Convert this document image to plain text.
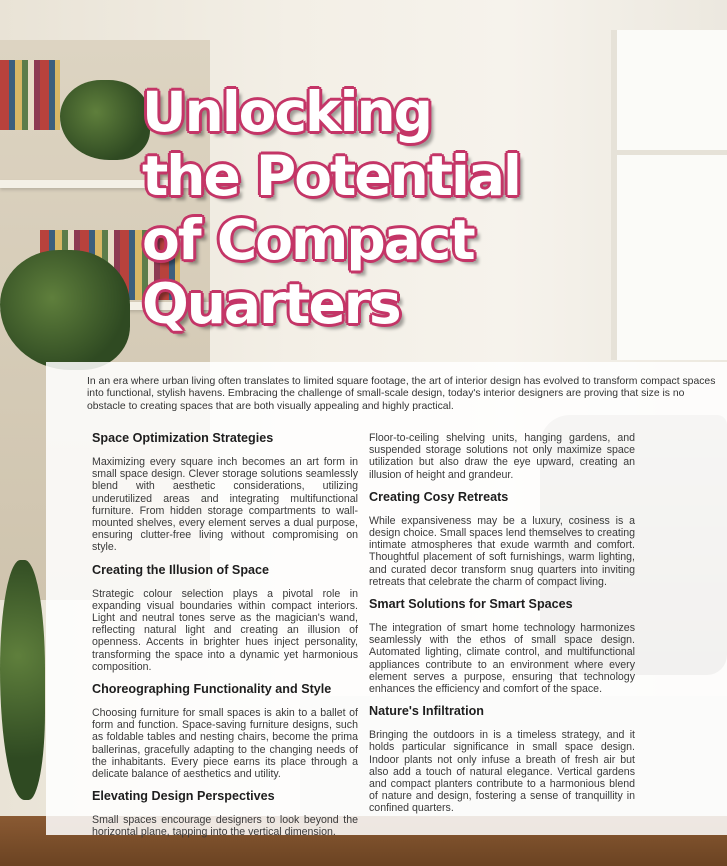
Unlocking
the Potential
of Compact
Quarters

In an era where urban living often translates to limited square footage, the art of interior design has evolved to transform compact spaces into functional, stylish havens. Embracing the challenge of small-scale design, today's interior designers are proving that size is no obstacle to creating spaces that are both visually appealing and highly practical.

Space Optimization Strategies

Maximizing every square inch becomes an art form in small space design. Clever storage solutions seamlessly blend with aesthetic considerations, utilizing underutilized areas and integrating multifunctional furniture. From hidden storage compartments to wall-mounted shelves, every element serves a dual purpose, ensuring clutter-free living without compromising on style.

Creating the Illusion of Space

Strategic colour selection plays a pivotal role in expanding visual boundaries within compact interiors. Light and neutral tones serve as the magician's wand, reflecting natural light and creating an illusion of openness. Accents in brighter hues inject personality, transforming the space into a dynamic yet harmonious composition.

Choreographing Functionality and Style

Choosing furniture for small spaces is akin to a ballet of form and function. Space-saving furniture designs, such as foldable tables and nesting chairs, become the prima ballerinas, gracefully adapting to the changing needs of the inhabitants. Every piece earns its place through a delicate balance of aesthetics and utility.

Elevating Design Perspectives

Small spaces encourage designers to look beyond the horizontal plane, tapping into the vertical dimension.

Floor-to-ceiling shelving units, hanging gardens, and suspended storage solutions not only maximize space utilization but also draw the eye upward, creating an illusion of height and grandeur.

Creating Cosy Retreats

While expansiveness may be a luxury, cosiness is a design choice. Small spaces lend themselves to creating intimate atmospheres that exude warmth and comfort. Thoughtful placement of soft furnishings, warm lighting, and curated decor transform snug quarters into inviting retreats that celebrate the charm of compact living.

Smart Solutions for Smart Spaces

The integration of smart home technology harmonizes seamlessly with the ethos of small space design. Automated lighting, climate control, and multifunctional appliances contribute to an environment where every element serves a purpose, ensuring that technology enhances the efficiency and comfort of the space.

Nature's Infiltration

Bringing the outdoors in is a timeless strategy, and it holds particular significance in small space design. Indoor plants not only infuse a breath of fresh air but also add a touch of natural elegance. Vertical gardens and compact planters contribute to a harmonious blend of nature and design, fostering a sense of tranquillity in confined quarters.
